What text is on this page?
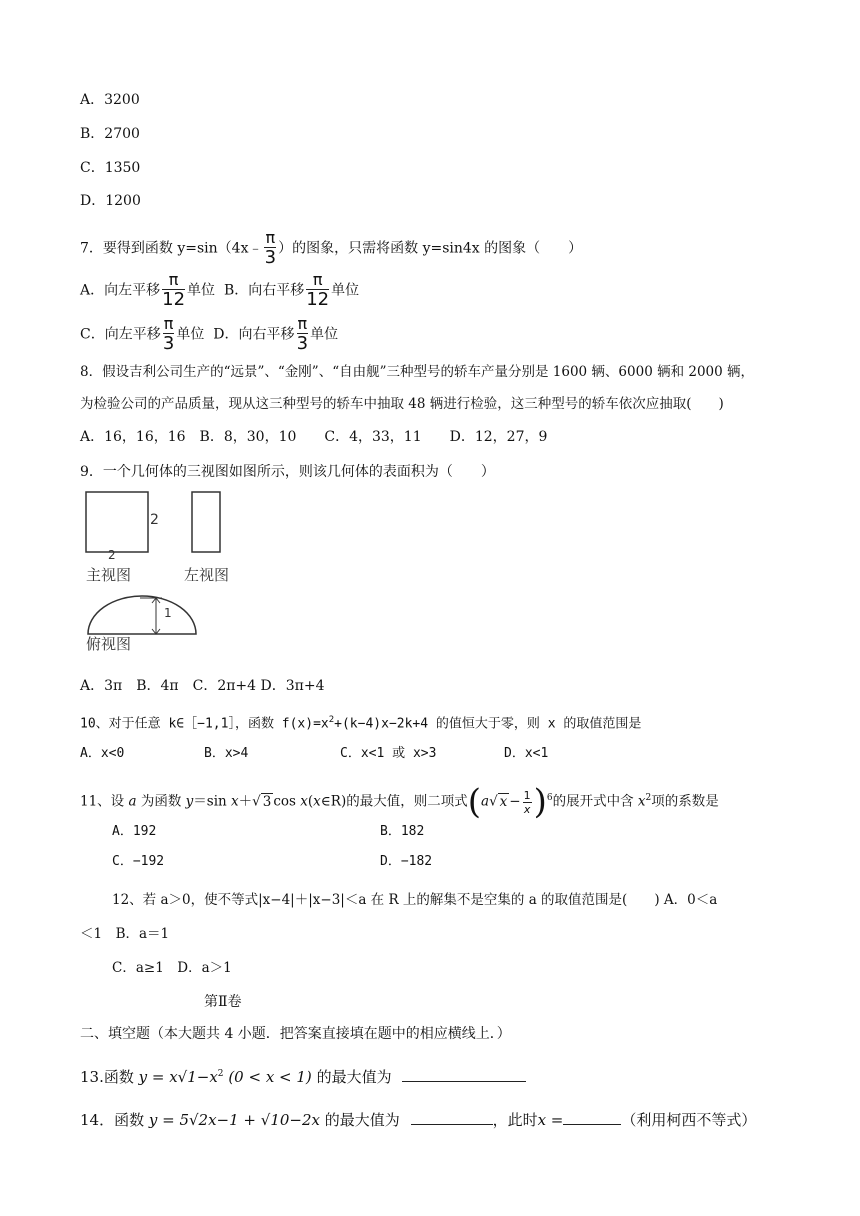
A．3200
B．2700
C．1350
D．1200
7．要得到函数 y=sin（4x﹣ $\frac{\pi}{3}$ ）的图象，只需将函数 y=sin4x 的图象（　　）
A．向左平移 $\frac{\pi}{12}$ 单位 B．向右平移 $\frac{\pi}{12}$ 单位
C．向左平移 $\frac{\pi}{3}$ 单位 D．向右平移 $\frac{\pi}{3}$ 单位
8．假设吉利公司生产的“远景”、“金刚”、“自由舰”三种型号的轿车产量分别是 1600 辆、6000 辆和 2000 辆，
为检验公司的产品质量，现从这三种型号的轿车中抽取 48 辆进行检验，这三种型号的轿车依次应抽取(　　)
A．16，16，16　B．8，30，10　　C．4，33，11　　D．12，27，9
9．一个几何体的三视图如图所示，则该几何体的表面积为（　　）
2
2
主视图	左视图
1
俯视图
A．3π　B．4π　C．2π+4 D．3π+4
10、对于任意 k∈［−1,1］，函数 $f(x)=x^2+(k-4)x-2k+4$ 的值恒大于零，则 x 的取值范围是
A．x<0	B．x>4	C．x<1 或 x>3	D．x<1
11、设 a 为函数 y＝sin x＋√ 3 cos x(x∈R)的最大值，则二项式(a√ $x - \frac{1}{x} )^6$的展开式中含 $x^2$项的系数是
A．192	B．182
C．−192	D．−182
12、若 a＞0，使不等式|x−4|＋|x−3|＜a 在 R 上的解集不是空集的 a 的取值范围是(　　) A．0＜a
＜1　B．a＝1
C．a≥1　D．a＞1
第Ⅱ卷
二、填空题（本大题共 4 小题．把答案直接填在题中的相应横线上．）
13.函数 $y = x√1-x^2$ (0 < x < 1) 的最大值为
14．函数 y = 5√2x−1 + √10−2x 的最大值为	，此时x =	（利用柯西不等式）
